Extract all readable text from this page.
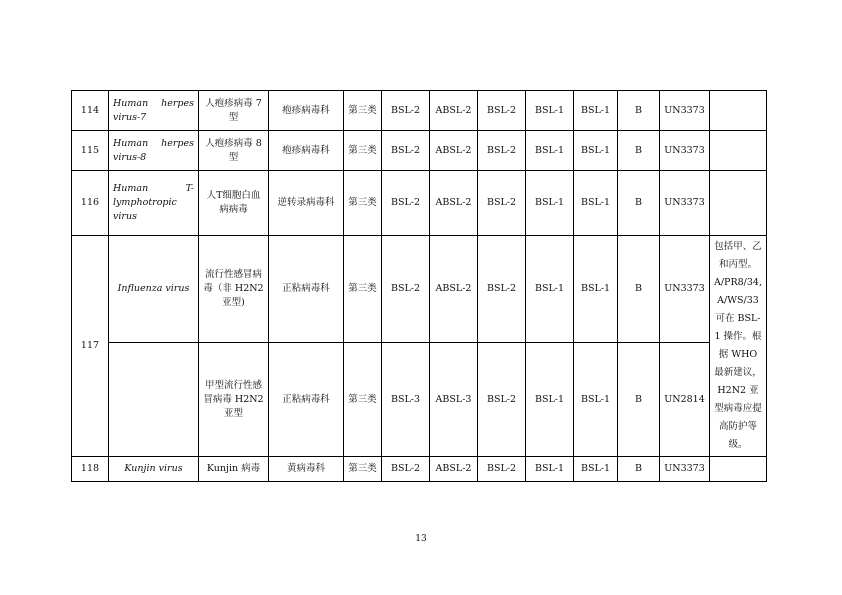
114	Human herpes virus-7	人疱疹病毒 7 型	疱疹病毒科	第三类	BSL-2	ABSL-2	BSL-2	BSL-1	BSL-1	B	UN3373	
115	Human herpes virus-8	人疱疹病毒 8 型	疱疹病毒科	第三类	BSL-2	ABSL-2	BSL-2	BSL-1	BSL-1	B	UN3373	
116	Human T-lymphotropic virus	人T细胞白血病病毒	逆转录病毒科	第三类	BSL-2	ABSL-2	BSL-2	BSL-1	BSL-1	B	UN3373	
117	Influenza virus	流行性感冒病毒（非 H2N2 亚型)	正粘病毒科	第三类	BSL-2	ABSL-2	BSL-2	BSL-1	BSL-1	B	UN3373	包括甲、乙和丙型。A/PR8/34, A/WS/33 可在 BSL-1 操作。根据 WHO 最新建议，H2N2 亚型病毒应提高防护等级。
		甲型流行性感冒病毒 H2N2 亚型	正粘病毒科	第三类	BSL-3	ABSL-3	BSL-2	BSL-1	BSL-1	B	UN2814	
118	Kunjin virus	Kunjin 病毒	黄病毒科	第三类	BSL-2	ABSL-2	BSL-2	BSL-1	BSL-1	B	UN3373	
13
